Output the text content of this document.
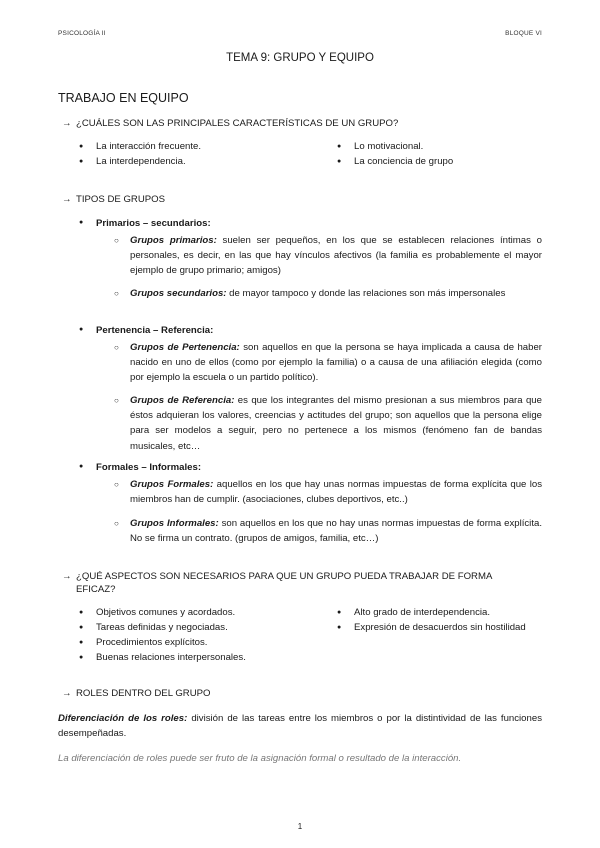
PSICOLOGÍA II	BLOQUE VI
TEMA 9: GRUPO Y EQUIPO
TRABAJO EN EQUIPO
→ ¿CUÁLES SON LAS PRINCIPALES CARACTERÍSTICAS DE UN GRUPO?
● La interacción frecuente.
● La interdependencia.
● Lo motivacional.
● La conciencia de grupo
→ TIPOS DE GRUPOS
● Primarios – secundarios:
○ Grupos primarios: suelen ser pequeños, en los que se establecen relaciones íntimas o personales, es decir, en las que hay vínculos afectivos (la familia es probablemente el mayor ejemplo de grupo primario; amigos)
○ Grupos secundarios: de mayor tampoco y donde las relaciones son más impersonales
● Pertenencia – Referencia:
○ Grupos de Pertenencia: son aquellos en que la persona se haya implicada a causa de haber nacido en uno de ellos (como por ejemplo la familia) o a causa de una afiliación elegida (como por ejemplo la escuela o un partido político).
○ Grupos de Referencia: es que los integrantes del mismo presionan a sus miembros para que éstos adquieran los valores, creencias y actitudes del grupo; son aquellos que la persona elige para ser modelos a seguir, pero no pertenece a los mismos (fenómeno fan de bandas musicales, etc…
● Formales – Informales:
○ Grupos Formales: aquellos en los que hay unas normas impuestas de forma explícita que los miembros han de cumplir. (asociaciones, clubes deportivos, etc..)
○ Grupos Informales: son aquellos en los que no hay unas normas impuestas de forma explícita. No se firma un contrato. (grupos de amigos, familia, etc…)
→ ¿QUÉ ASPECTOS SON NECESARIOS PARA QUE UN GRUPO PUEDA TRABAJAR DE FORMA
EFICAZ?
● Objetivos comunes y acordados.
● Tareas definidas y negociadas.
● Procedimientos explícitos.
● Buenas relaciones interpersonales.
● Alto grado de interdependencia.
● Expresión de desacuerdos sin hostilidad
→ ROLES DENTRO DEL GRUPO
Diferenciación de los roles: división de las tareas entre los miembros o por la distintividad de las funciones desempeñadas.
La diferenciación de roles puede ser fruto de la asignación formal o resultado de la interacción.
1
